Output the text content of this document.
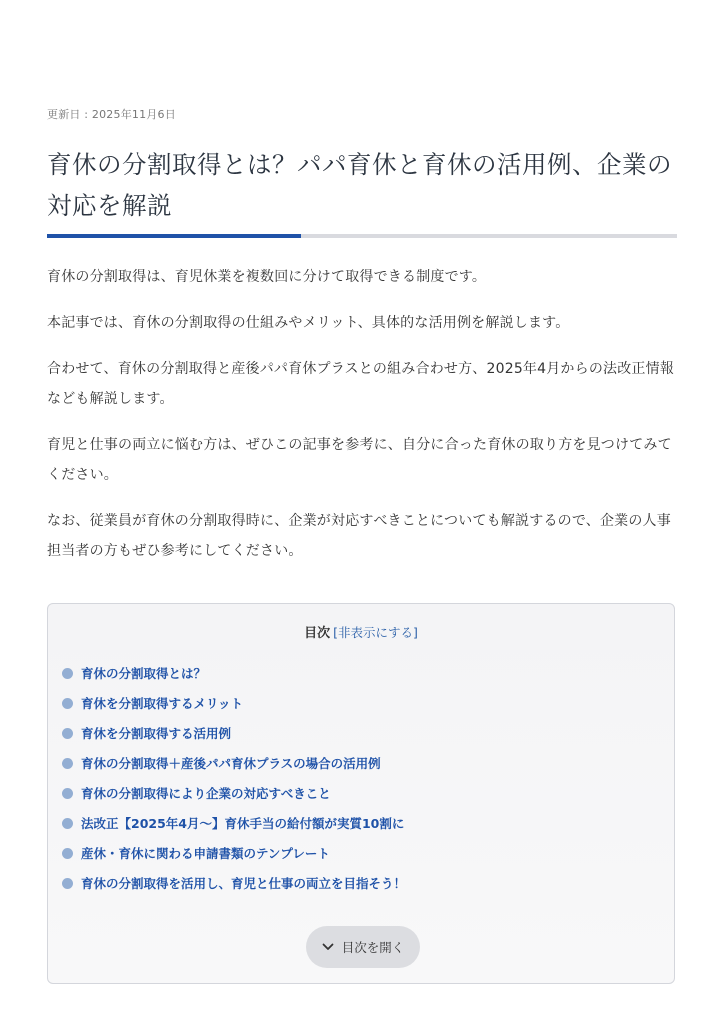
更新日 : 2025年11月6日
育休の分割取得とは？パパ育休と育休の活用例、企業の対応を解説

育休の分割取得は、育児休業を複数回に分けて取得できる制度です。

本記事では、育休の分割取得の仕組みやメリット、具体的な活用例を解説します。

合わせて、育休の分割取得と産後パパ育休プラスとの組み合わせ方、2025年4月からの法改正情報なども解説します。

育児と仕事の両立に悩む方は、ぜひこの記事を参考に、自分に合った育休の取り方を見つけてみてください。

なお、従業員が育休の分割取得時に、企業が対応すべきことについても解説するので、企業の人事担当者の方もぜひ参考にしてください。

目次 [非表示にする]
育休の分割取得とは？
育休を分割取得するメリット
育休を分割取得する活用例
育休の分割取得＋産後パパ育休プラスの場合の活用例
育休の分割取得により企業の対応すべきこと
法改正【2025年4月〜】育休手当の給付額が実質10割に
産休・育休に関わる申請書類のテンプレート
育休の分割取得を活用し、育児と仕事の両立を目指そう！
目次を開く
